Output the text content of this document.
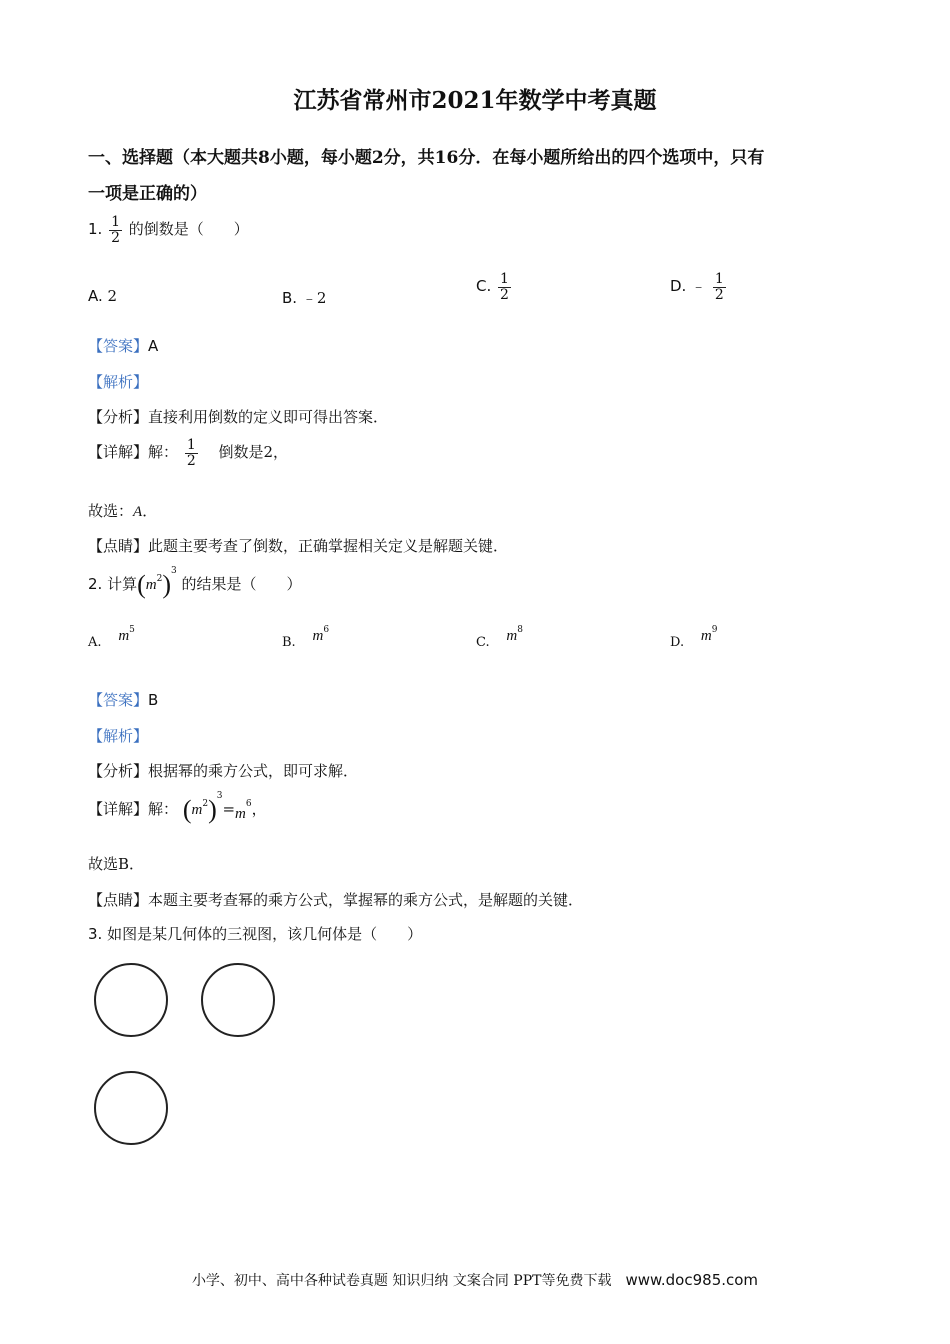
江苏省常州市2021年数学中考真题
一、选择题（本大题共8小题，每小题2分，共16分．在每小题所给出的四个选项中，只有
一项是正确的）
1. $\frac{1}{2}$ 的倒数是（　　）
A. 2	B. ﹣2
C. $\frac{1}{2}$	D. ﹣ $\frac{1}{2}$
【答案】A
【解析】
【分析】直接利用倒数的定义即可得出答案．
【详解】解： $\frac{1}{2}$ 倒数是2，
故选：A．
【点睛】此题主要考查了倒数，正确掌握相关定义是解题关键．
2. 计算$(m^2)^3$ 的结果是（　　）
A. $m^5$
B. $m^6$
C. $m^8$
D. $m^9$
【答案】B
【解析】
【分析】根据幂的乘方公式，即可求解．
【详解】解： $(m^2)^3=m^6$，
故选B．
【点睛】本题主要考查幂的乘方公式，掌握幂的乘方公式，是解题的关键．
3. 如图是某几何体的三视图，该几何体是（　　）
小学、初中、高中各种试卷真题 知识归纳 文案合同 PPT等免费下载 www.doc985.com
